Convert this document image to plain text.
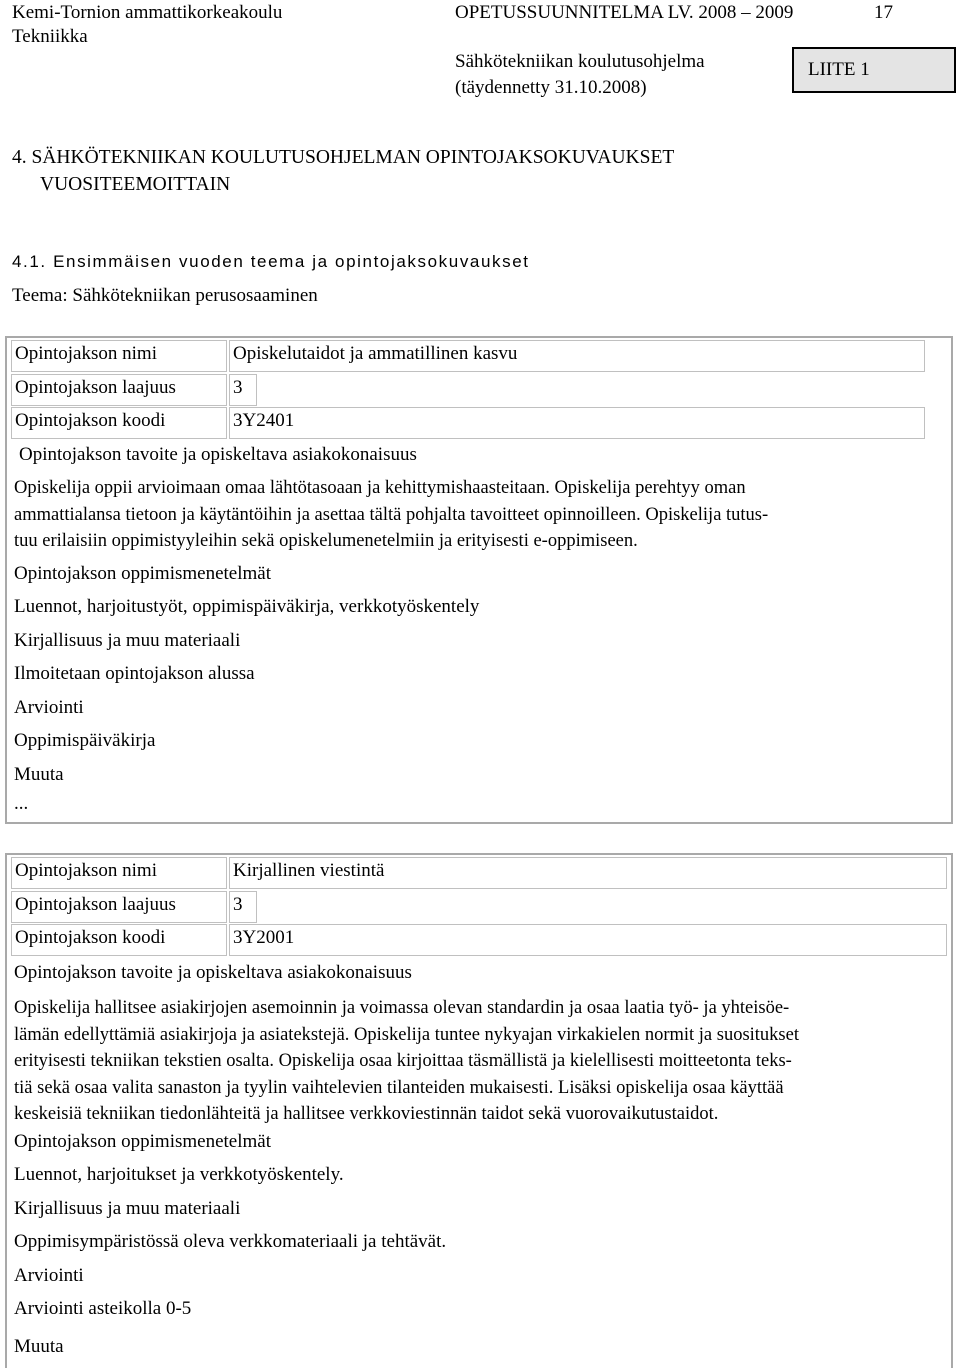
Kemi-Tornion ammattikorkeakoulu
Tekniikka
OPETUSSUUNNITELMA LV. 2008 – 2009	17
Sähkötekniikan koulutusohjelma
(täydennetty 31.10.2008)
LIITE 1
4. SÄHKÖTEKNIIKAN KOULUTUSOHJELMAN OPINTOJAKSOKUVAUKSET
VUOSITEEMOITTAIN
4.1. Ensimmäisen vuoden teema ja opintojaksokuvaukset
Teema: Sähkötekniikan perusosaaminen
Opintojakson nimi	Opiskelutaidot ja ammatillinen kasvu
Opintojakson laajuus	3
Opintojakson koodi	3Y2401
Opintojakson tavoite ja opiskeltava asiakokonaisuus
Opiskelija oppii arvioimaan omaa lähtötasoaan ja kehittymishaasteitaan. Opiskelija perehtyy oman
ammattialansa tietoon ja käytäntöihin ja asettaa tältä pohjalta tavoitteet opinnoilleen. Opiskelija tutus-
tuu erilaisiin oppimistyyleihin sekä opiskelumenetelmiin ja erityisesti e-oppimiseen.
Opintojakson oppimismenetelmät
Luennot, harjoitustyöt, oppimispäiväkirja, verkkotyöskentely
Kirjallisuus ja muu materiaali
Ilmoitetaan opintojakson alussa
Arviointi
Oppimispäiväkirja
Muuta
...
Opintojakson nimi	Kirjallinen viestintä
Opintojakson laajuus	3
Opintojakson koodi	3Y2001
Opintojakson tavoite ja opiskeltava asiakokonaisuus
Opiskelija hallitsee asiakirjojen asemoinnin ja voimassa olevan standardin ja osaa laatia työ- ja yhteisöe-
lämän edellyttämiä asiakirjoja ja asiatekstejä. Opiskelija tuntee nykyajan virkakielen normit ja suositukset
erityisesti tekniikan tekstien osalta. Opiskelija osaa kirjoittaa täsmällistä ja kielellisesti moitteetonta teks-
tiä sekä osaa valita sanaston ja tyylin vaihtelevien tilanteiden mukaisesti. Lisäksi opiskelija osaa käyttää
keskeisiä tekniikan tiedonlähteitä ja hallitsee verkkoviestinnän taidot sekä vuorovaikutustaidot.
Opintojakson oppimismenetelmät
Luennot, harjoitukset ja verkkotyöskentely.
Kirjallisuus ja muu materiaali
Oppimisympäristössä oleva verkkomateriaali ja tehtävät.
Arviointi
Arviointi asteikolla 0-5
Muuta
